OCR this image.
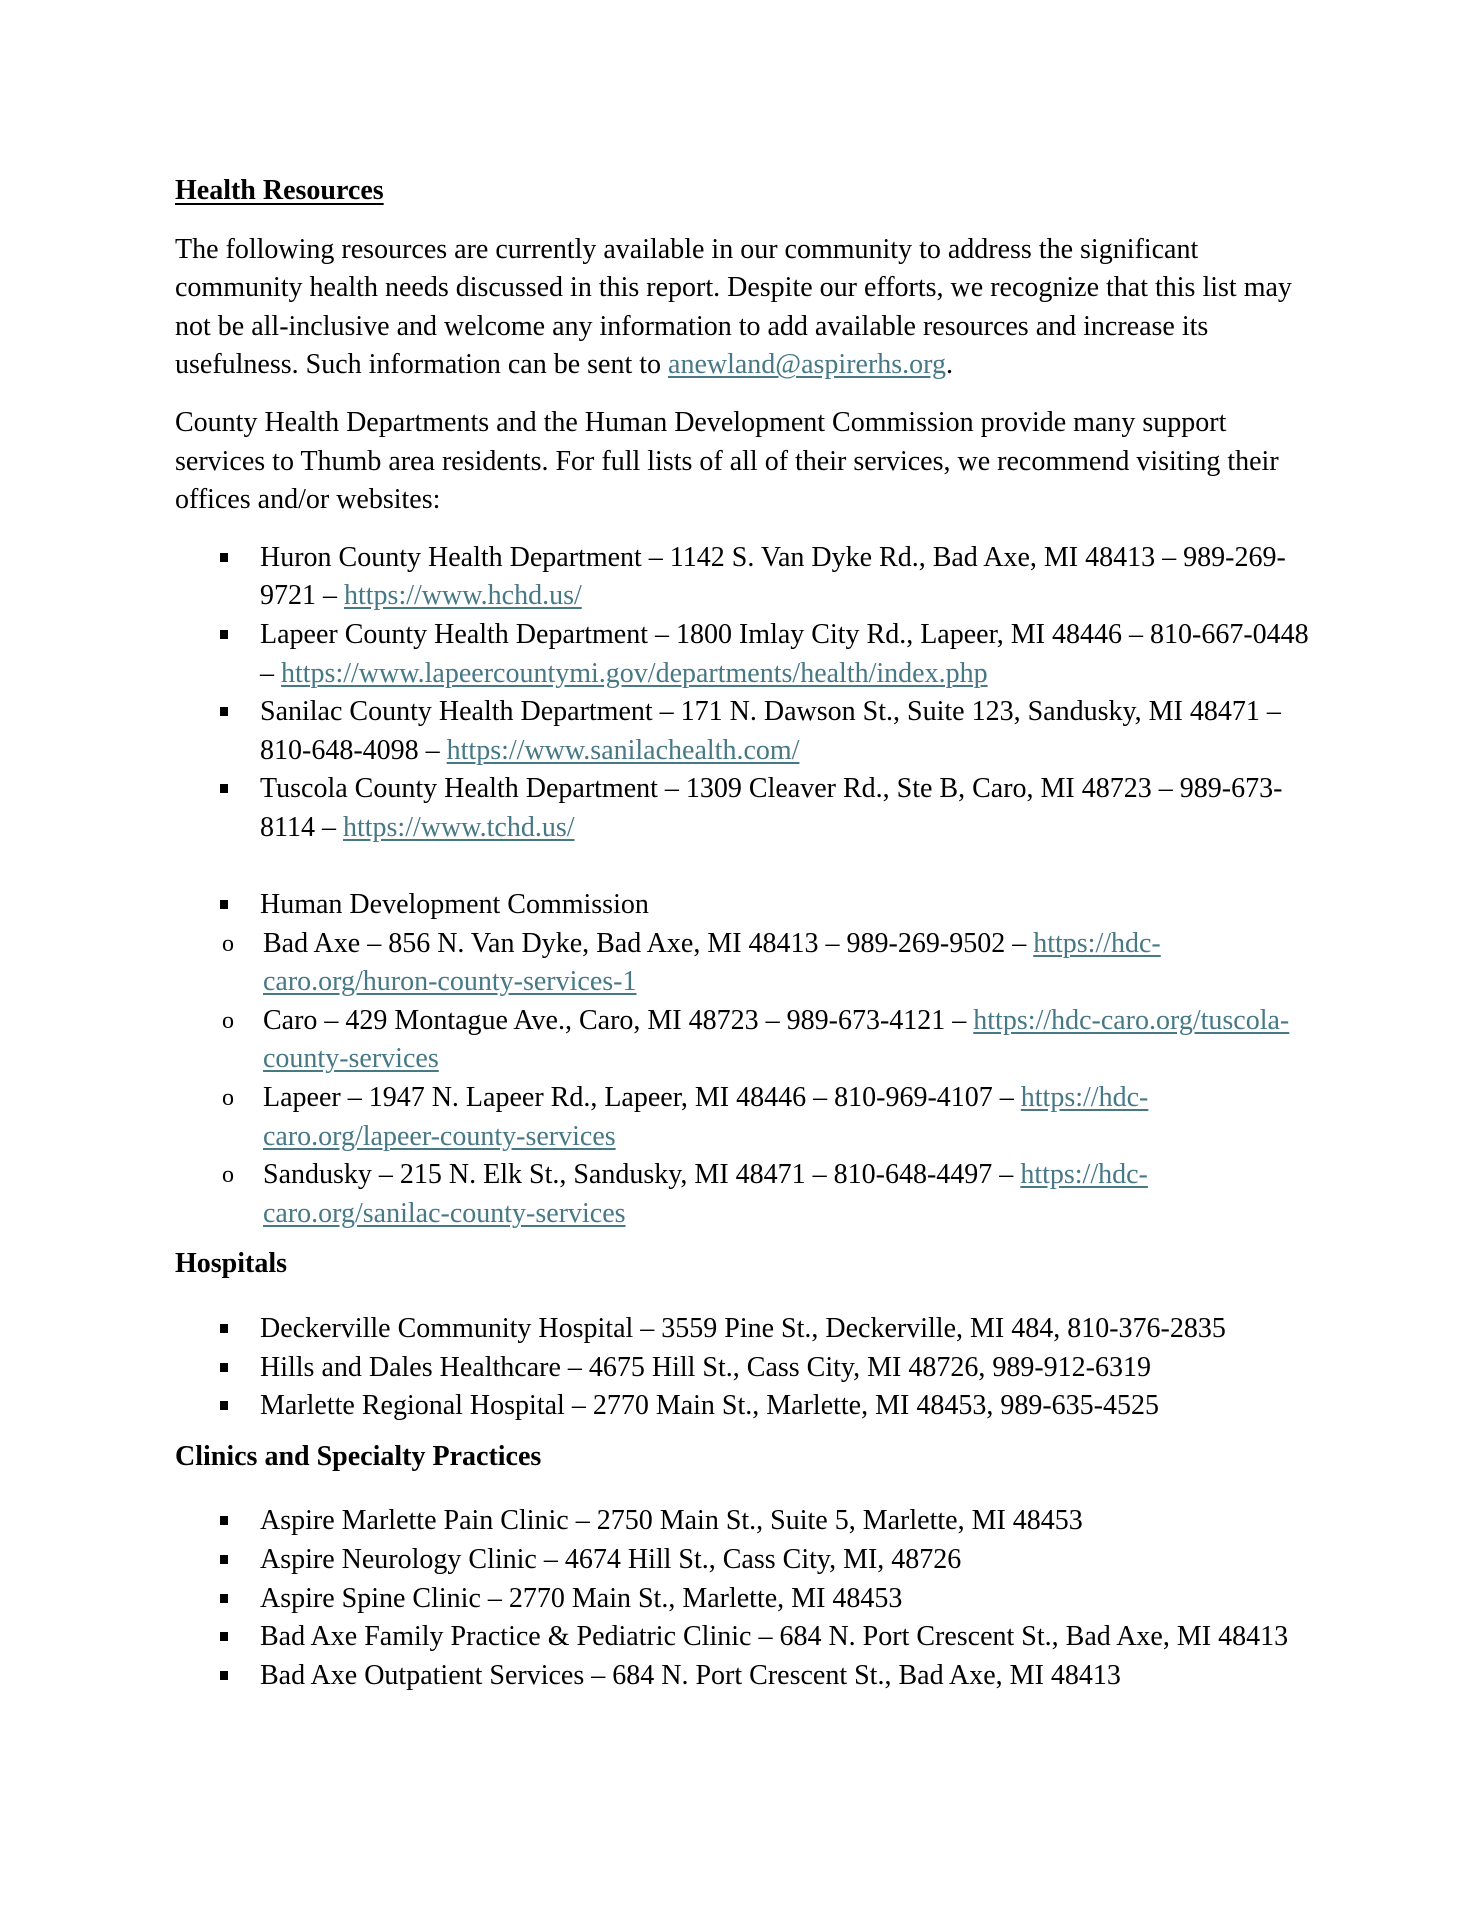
Health Resources

The following resources are currently available in our community to address the significant community health needs discussed in this report. Despite our efforts, we recognize that this list may not be all-inclusive and welcome any information to add available resources and increase its usefulness. Such information can be sent to anewland@aspirerhs.org.

County Health Departments and the Human Development Commission provide many support services to Thumb area residents. For full lists of all of their services, we recommend visiting their offices and/or websites:

Huron County Health Department – 1142 S. Van Dyke Rd., Bad Axe, MI 48413 – 989-269-9721 – https://www.hchd.us/
Lapeer County Health Department – 1800 Imlay City Rd., Lapeer, MI 48446 – 810-667-0448 – https://www.lapeercountymi.gov/departments/health/index.php
Sanilac County Health Department – 171 N. Dawson St., Suite 123, Sandusky, MI 48471 – 810-648-4098 – https://www.sanilachealth.com/
Tuscola County Health Department – 1309 Cleaver Rd., Ste B, Caro, MI 48723 – 989-673-8114 – https://www.tchd.us/
Human Development Commission
o Bad Axe – 856 N. Van Dyke, Bad Axe, MI 48413 – 989-269-9502 – https://hdc-caro.org/huron-county-services-1
o Caro – 429 Montague Ave., Caro, MI 48723 – 989-673-4121 – https://hdc-caro.org/tuscola-county-services
o Lapeer – 1947 N. Lapeer Rd., Lapeer, MI 48446 – 810-969-4107 – https://hdc-caro.org/lapeer-county-services
o Sandusky – 215 N. Elk St., Sandusky, MI 48471 – 810-648-4497 – https://hdc-caro.org/sanilac-county-services
Hospitals
Deckerville Community Hospital – 3559 Pine St., Deckerville, MI 484, 810-376-2835
Hills and Dales Healthcare – 4675 Hill St., Cass City, MI 48726, 989-912-6319
Marlette Regional Hospital – 2770 Main St., Marlette, MI 48453, 989-635-4525
Clinics and Specialty Practices
Aspire Marlette Pain Clinic – 2750 Main St., Suite 5, Marlette, MI 48453
Aspire Neurology Clinic – 4674 Hill St., Cass City, MI, 48726
Aspire Spine Clinic – 2770 Main St., Marlette, MI 48453
Bad Axe Family Practice & Pediatric Clinic – 684 N. Port Crescent St., Bad Axe, MI 48413
Bad Axe Outpatient Services – 684 N. Port Crescent St., Bad Axe, MI 48413
